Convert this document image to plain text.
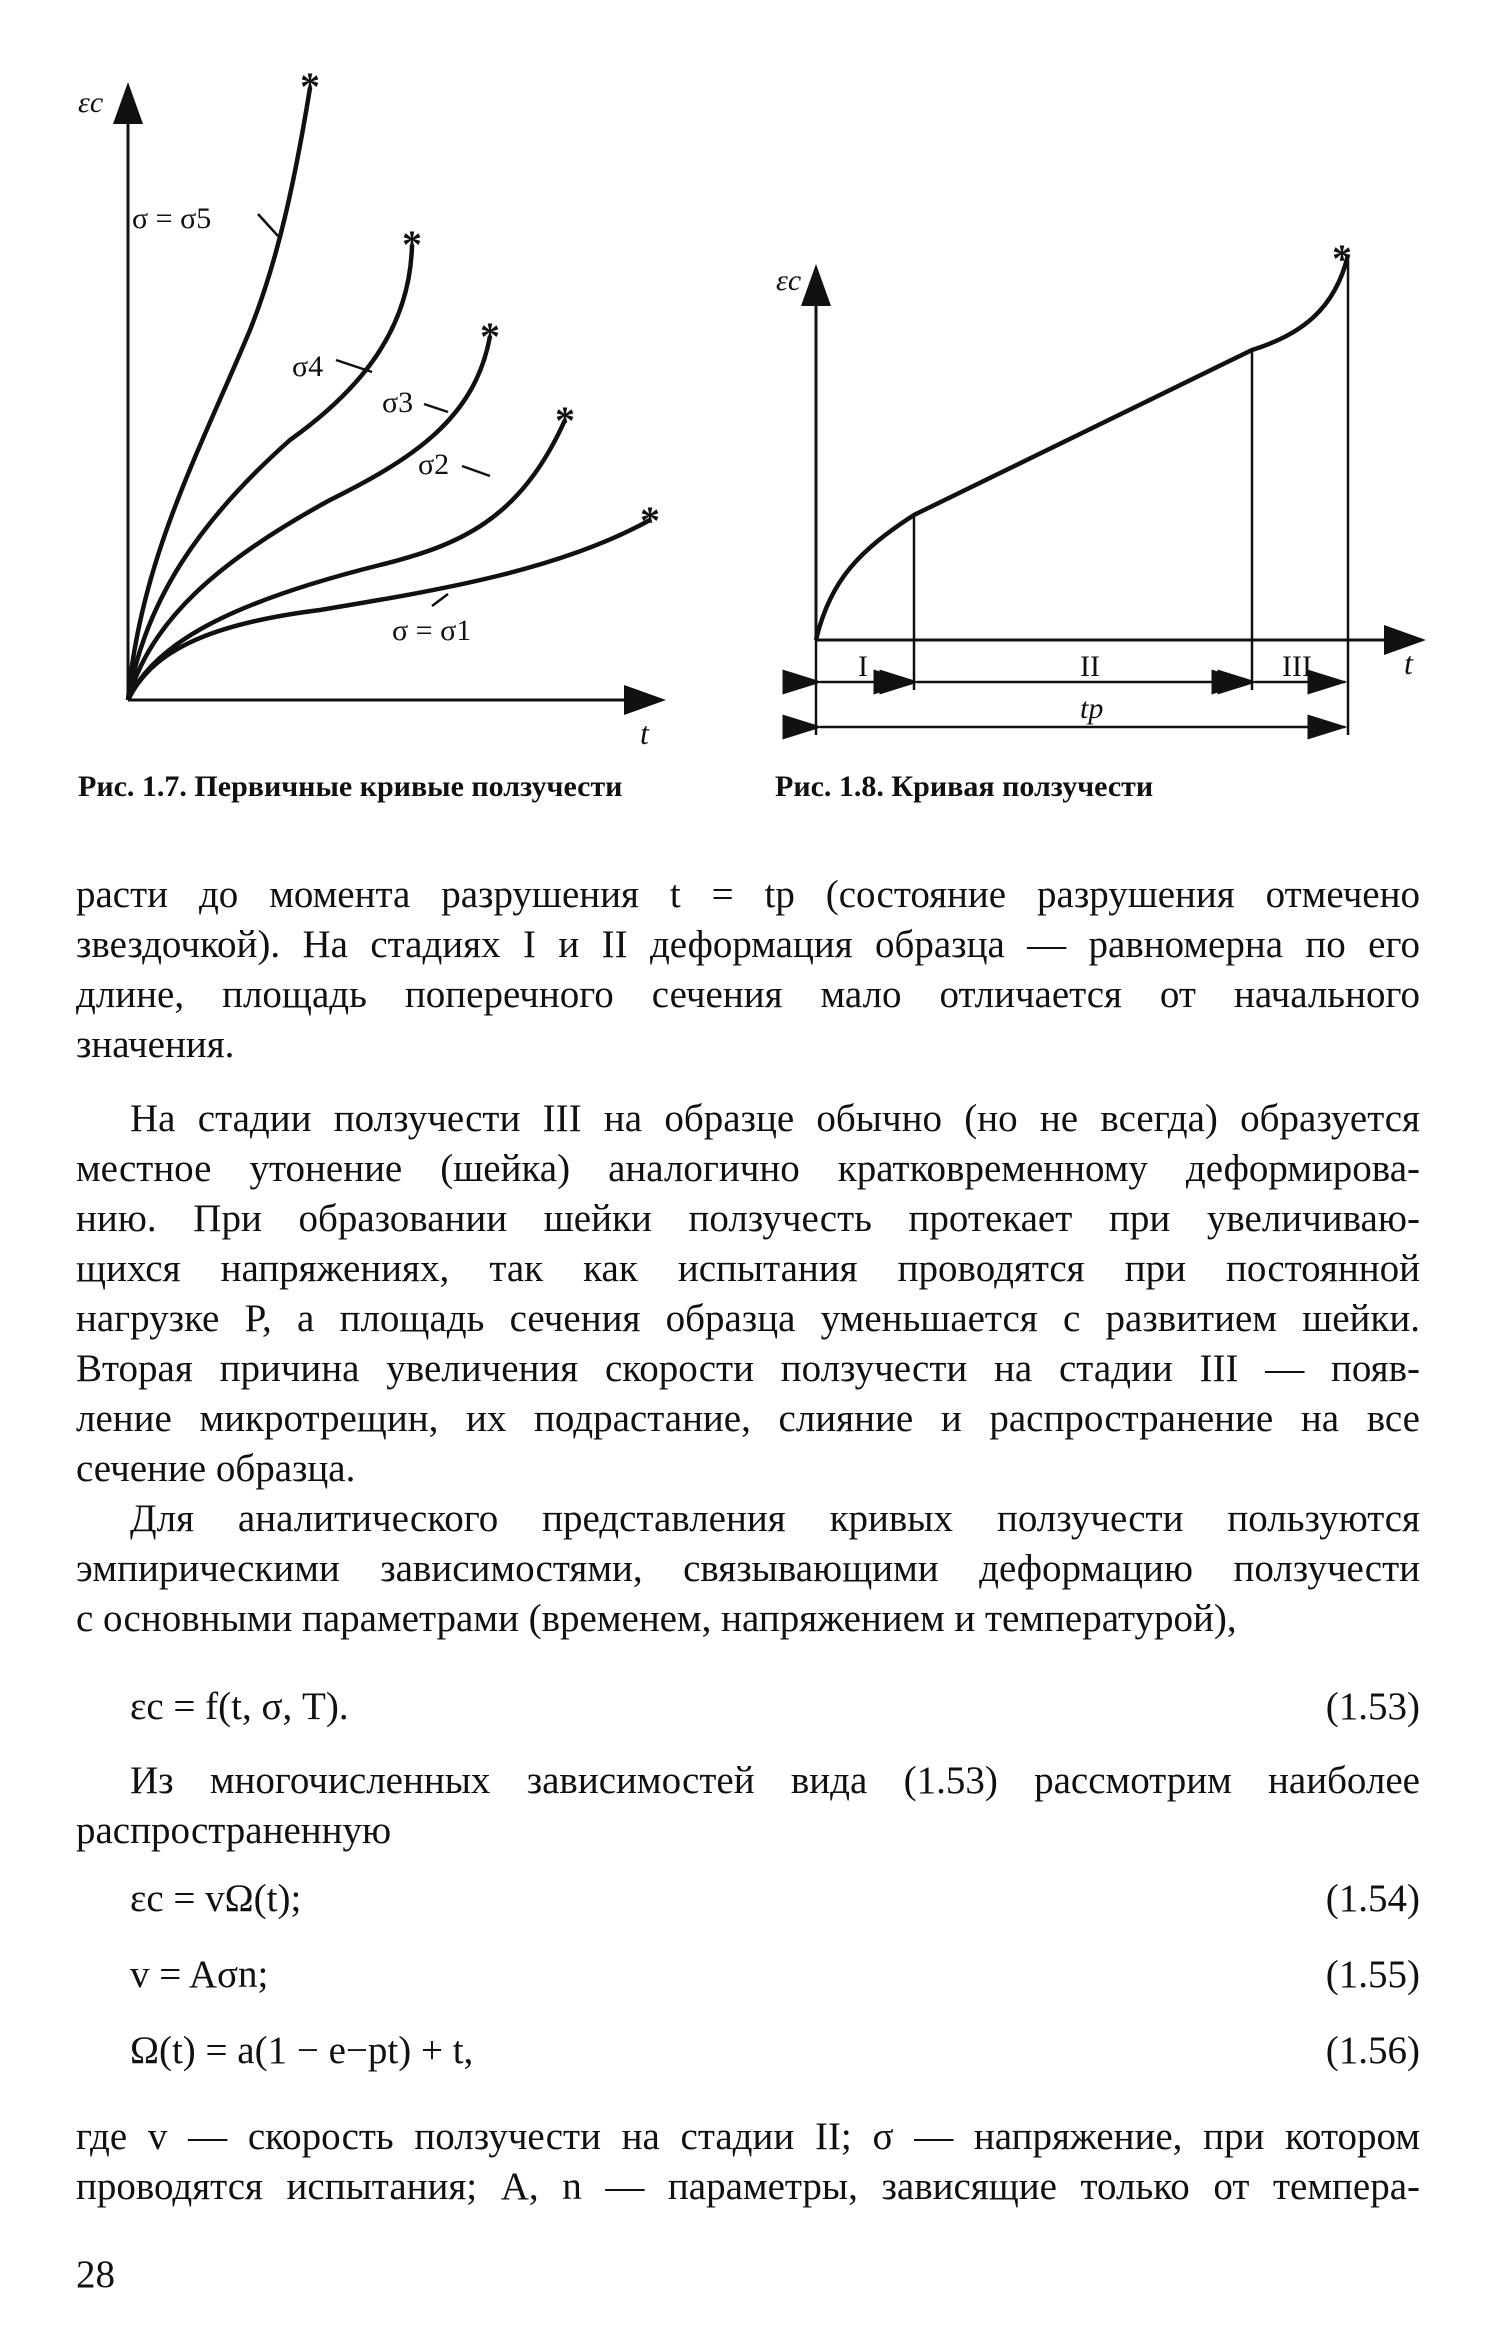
εc
t
*
*
*
*
*
σ = σ5
σ4
σ3
σ2
σ = σ1
εc
t
*
I	II	III
tp
Рис. 1.7. Первичные кривые ползучести	Рис. 1.8. Кривая ползучести

расти до момента разрушения t = tp (состояние разрушения отмечено
звездочкой). На стадиях I и II деформация образца — равномерна по его
длине, площадь поперечного сечения мало отличается от начального
значения.

На стадии ползучести III на образце обычно (но не всегда) образуется
местное утонение (шейка) аналогично кратковременному деформирова-
нию. При образовании шейки ползучесть протекает при увеличиваю-
щихся напряжениях, так как испытания проводятся при постоянной
нагрузке P, а площадь сечения образца уменьшается с развитием шейки.
Вторая причина увеличения скорости ползучести на стадии III — появ-
ление микротрещин, их подрастание, слияние и распространение на все
сечение образца.

Для аналитического представления кривых ползучести пользуются
эмпирическими зависимостями, связывающими деформацию ползучести
с основными параметрами (временем, напряжением и температурой),

εc = f(t, σ, T).	(1.53)

Из многочисленных зависимостей вида (1.53) рассмотрим наиболее
распространенную

εc = vΩ(t);	(1.54)
v = Aσn;	(1.55)
Ω(t) = a(1 − e−pt) + t,	(1.56)

где v — скорость ползучести на стадии II; σ — напряжение, при котором
проводятся испытания; A, n — параметры, зависящие только от темпера-

28
